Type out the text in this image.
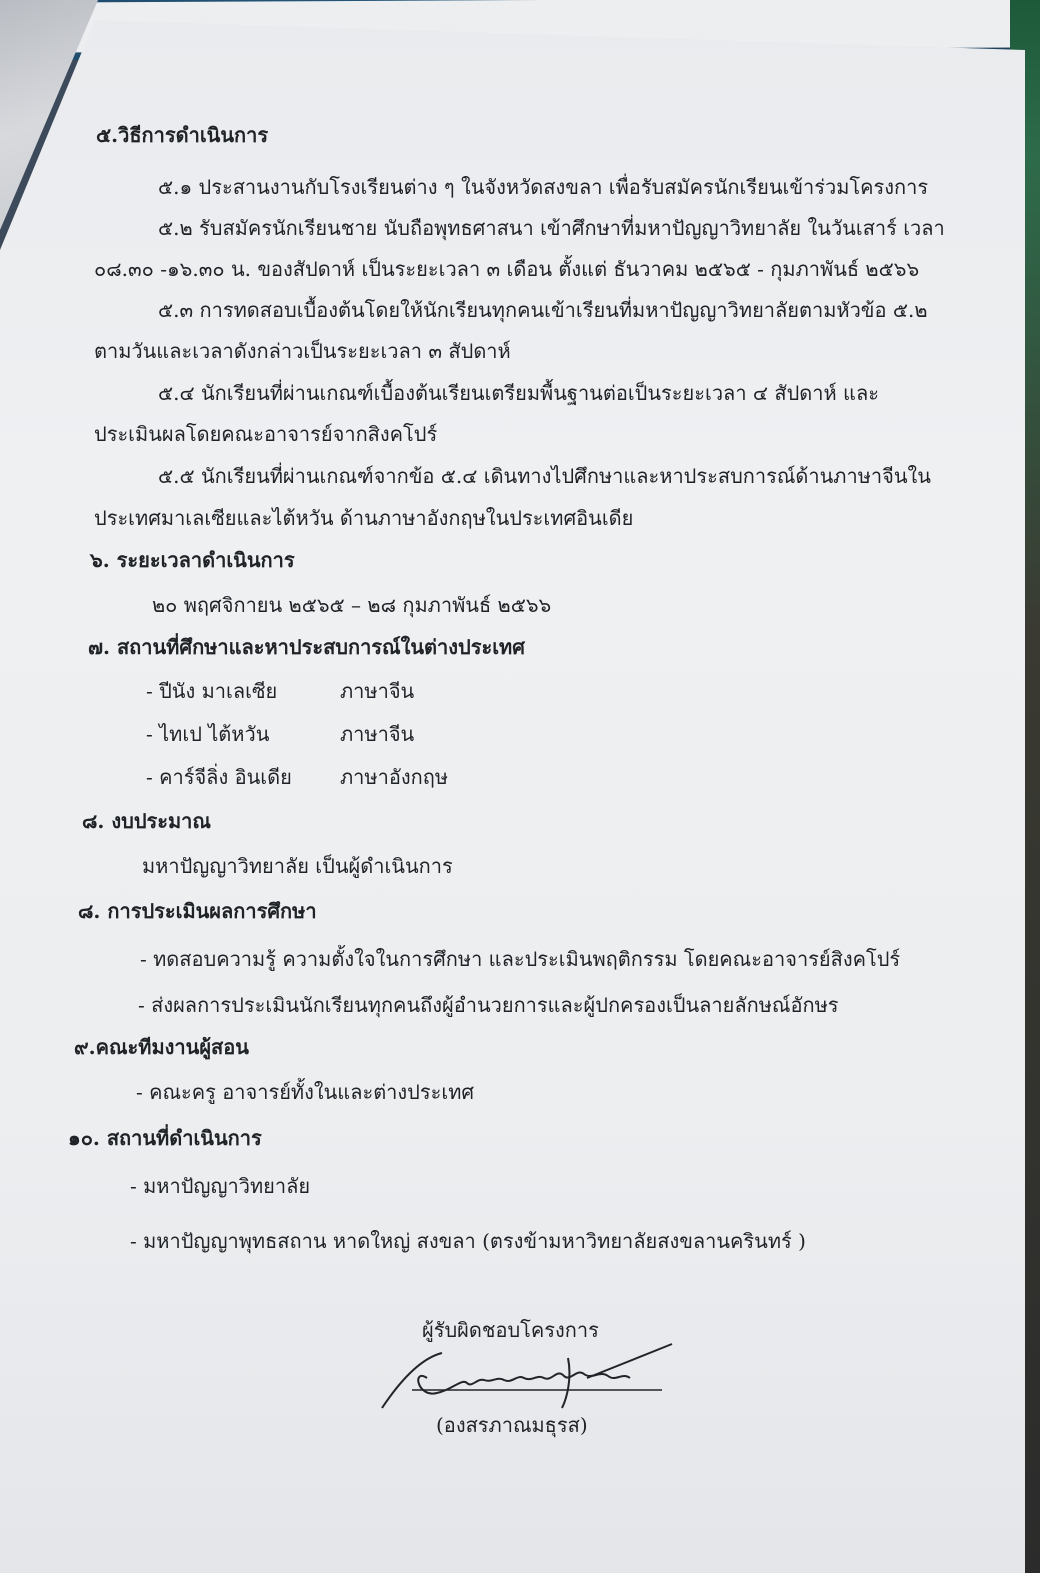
๕.วิธีการดำเนินการ
๕.๑ ประสานงานกับโรงเรียนต่าง ๆ ในจังหวัดสงขลา เพื่อรับสมัครนักเรียนเข้าร่วมโครงการ
๕.๒ รับสมัครนักเรียนชาย นับถือพุทธศาสนา เข้าศึกษาที่มหาปัญญาวิทยาลัย ในวันเสาร์ เวลา
๐๘.๓๐ -๑๖.๓๐ น. ของสัปดาห์ เป็นระยะเวลา ๓ เดือน ตั้งแต่ ธันวาคม ๒๕๖๕ - กุมภาพันธ์ ๒๕๖๖
๕.๓ การทดสอบเบื้องต้นโดยให้นักเรียนทุกคนเข้าเรียนที่มหาปัญญาวิทยาลัยตามหัวข้อ ๕.๒
ตามวันและเวลาดังกล่าวเป็นระยะเวลา ๓ สัปดาห์
๕.๔ นักเรียนที่ผ่านเกณฑ์เบื้องต้นเรียนเตรียมพื้นฐานต่อเป็นระยะเวลา ๔ สัปดาห์ และ
ประเมินผลโดยคณะอาจารย์จากสิงคโปร์
๕.๕ นักเรียนที่ผ่านเกณฑ์จากข้อ ๕.๔ เดินทางไปศึกษาและหาประสบการณ์ด้านภาษาจีนใน
ประเทศมาเลเซียและไต้หวัน ด้านภาษาอังกฤษในประเทศอินเดีย
๖. ระยะเวลาดำเนินการ
๒๐ พฤศจิกายน ๒๕๖๕ – ๒๘ กุมภาพันธ์ ๒๕๖๖
๗. สถานที่ศึกษาและหาประสบการณ์ในต่างประเทศ
- ปีนัง มาเลเซีย	ภาษาจีน
- ไทเป ไต้หวัน	ภาษาจีน
- คาร์จีลิ่ง อินเดีย ภาษาอังกฤษ
๘. งบประมาณ
มหาปัญญาวิทยาลัย เป็นผู้ดำเนินการ
๘. การประเมินผลการศึกษา
- ทดสอบความรู้ ความตั้งใจในการศึกษา และประเมินพฤติกรรม โดยคณะอาจารย์สิงคโปร์
- ส่งผลการประเมินนักเรียนทุกคนถึงผู้อำนวยการและผู้ปกครองเป็นลายลักษณ์อักษร
๙.คณะทีมงานผู้สอน
- คณะครู อาจารย์ทั้งในและต่างประเทศ
๑๐. สถานที่ดำเนินการ
- มหาปัญญาวิทยาลัย
- มหาปัญญาพุทธสถาน หาดใหญ่ สงขลา (ตรงข้ามหาวิทยาลัยสงขลานครินทร์ )
ผู้รับผิดชอบโครงการ
(องสรภาณมธุรส)
